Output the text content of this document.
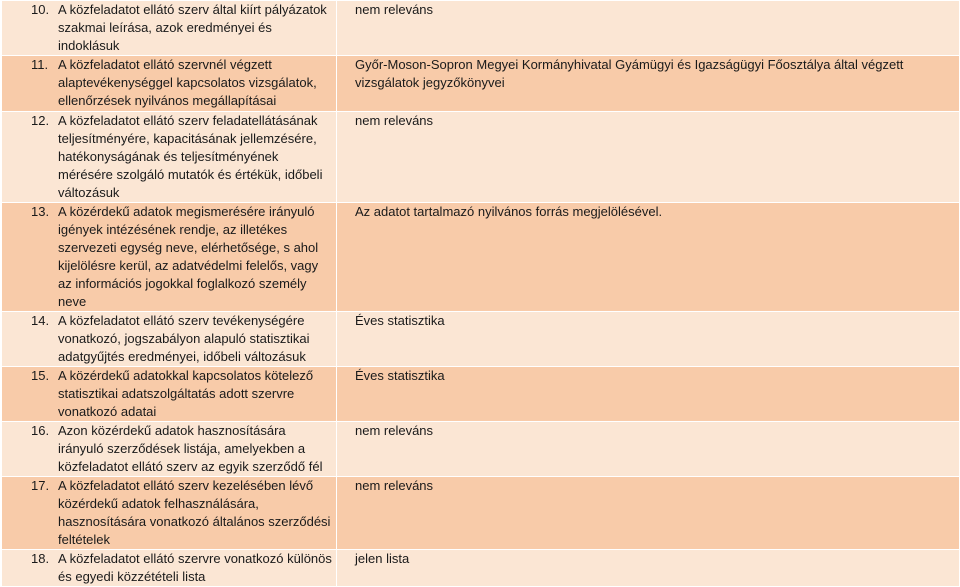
10. A közfeladatot ellátó szerv által kiírt pályázatok szakmai leírása, azok eredményei és indoklásuk	nem releváns

11. A közfeladatot ellátó szervnél végzett alaptevékenységgel kapcsolatos vizsgálatok, ellenőrzések nyilvános megállapításai	Győr-Moson-Sopron Megyei Kormányhivatal Gyámügyi és Igazságügyi Főosztálya által végzett vizsgálatok jegyzőkönyvei

12. A közfeladatot ellátó szerv feladatellátásának teljesítményére, kapacitásának jellemzésére, hatékonyságának és teljesítményének mérésére szolgáló mutatók és értékük, időbeli változásuk	nem releváns

13. A közérdekű adatok megismerésére irányuló igények intézésének rendje, az illetékes szervezeti egység neve, elérhetősége, s ahol kijelölésre kerül, az adatvédelmi felelős, vagy az információs jogokkal foglalkozó személy neve	Az adatot tartalmazó nyilvános forrás megjelölésével.

14. A közfeladatot ellátó szerv tevékenységére vonatkozó, jogszabályon alapuló statisztikai adatgyűjtés eredményei, időbeli változásuk	Éves statisztika

15. A közérdekű adatokkal kapcsolatos kötelező statisztikai adatszolgáltatás adott szervre vonatkozó adatai	Éves statisztika

16. Azon közérdekű adatok hasznosítására irányuló szerződések listája, amelyekben a közfeladatot ellátó szerv az egyik szerződő fél	nem releváns

17. A közfeladatot ellátó szerv kezelésében lévő közérdekű adatok felhasználására, hasznosítására vonatkozó általános szerződési feltételek	nem releváns

18. A közfeladatot ellátó szervre vonatkozó különös és egyedi közzétételi lista	jelen lista
